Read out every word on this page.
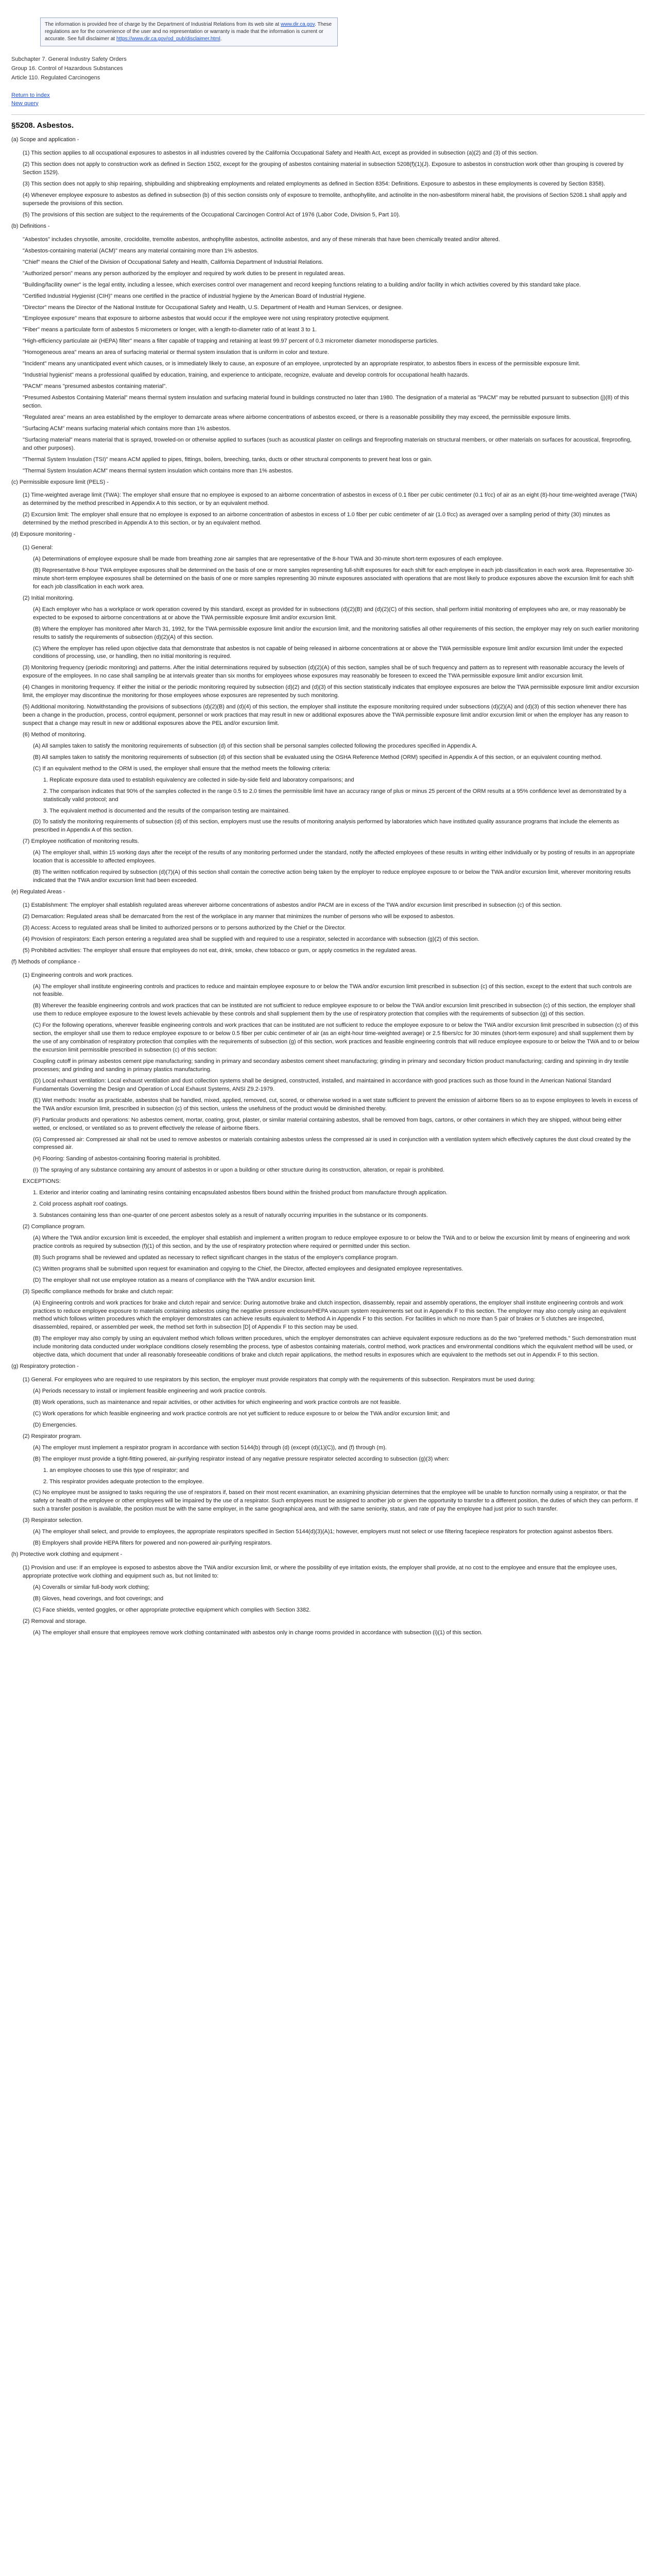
The information is provided free of charge by the Department of Industrial Relations from its web site at www.dir.ca.gov. These regulations are for the convenience of the user and no representation or warranty is made that the information is current or accurate. See full disclaimer at https://www.dir.ca.gov/od_pub/disclaimer.html.
Subchapter 7. General Industry Safety Orders
Group 16. Control of Hazardous Substances
Article 110. Regulated Carcinogens
Return to index
New query
§5208. Asbestos.
(a) Scope and application -
(1) This section applies to all occupational exposures to asbestos in all industries covered by the California Occupational Safety and Health Act, except as provided in subsection (a)(2) and (3) of this section.
(2) This section does not apply to construction work as defined in Section 1502, except for the grouping of asbestos containing material in subsection 5208(f)(1)(J). Exposure to asbestos in construction work other than grouping is covered by Section 1529).
(3) This section does not apply to ship repairing, shipbuilding and shipbreaking employments and related employments as defined in Section 8354: Definitions. Exposure to asbestos in these employments is covered by Section 8358).
(4) Whenever employee exposure to asbestos as defined in subsection (b) of this section consists only of exposure to tremolite, anthophyllite, and actinolite in the non-asbestiform mineral habit, the provisions of Section 5208.1 shall apply and supersede the provisions of this section.
(5) The provisions of this section are subject to the requirements of the Occupational Carcinogen Control Act of 1976 (Labor Code, Division 5, Part 10).
(b) Definitions -
"Asbestos" includes chrysotile, amosite, crocidolite, tremolite asbestos, anthophyllite asbestos, actinolite asbestos, and any of these minerals that have been chemically treated and/or altered.
"Asbestos-containing material (ACM)" means any material containing more than 1% asbestos.
"Chief" means the Chief of the Division of Occupational Safety and Health, California Department of Industrial Relations.
"Authorized person" means any person authorized by the employer and required by work duties to be present in regulated areas.
"Building/facility owner" is the legal entity, including a lessee, which exercises control over management and record keeping functions relating to a building and/or facility in which activities covered by this standard take place.
"Certified Industrial Hygienist (CIH)" means one certified in the practice of industrial hygiene by the American Board of Industrial Hygiene.
"Director" means the Director of the National Institute for Occupational Safety and Health, U.S. Department of Health and Human Services, or designee.
"Employee exposure" means that exposure to airborne asbestos that would occur if the employee were not using respiratory protective equipment.
"Fiber" means a particulate form of asbestos 5 micrometers or longer, with a length-to-diameter ratio of at least 3 to 1.
"High-efficiency particulate air (HEPA) filter" means a filter capable of trapping and retaining at least 99.97 percent of 0.3 micrometer diameter monodisperse particles.
"Homogeneous area" means an area of surfacing material or thermal system insulation that is uniform in color and texture.
"Incident" means any unanticipated event which causes, or is immediately likely to cause, an exposure of an employee, unprotected by an appropriate respirator, to asbestos fibers in excess of the permissible exposure limit.
"Industrial hygienist" means a professional qualified by education, training, and experience to anticipate, recognize, evaluate and develop controls for occupational health hazards.
"PACM" means "presumed asbestos containing material".
"Presumed Asbestos Containing Material" means thermal system insulation and surfacing material found in buildings constructed no later than 1980. The designation of a material as "PACM" may be rebutted pursuant to subsection (j)(8) of this section.
"Regulated area" means an area established by the employer to demarcate areas where airborne concentrations of asbestos exceed, or there is a reasonable possibility they may exceed, the permissible exposure limits.
"Surfacing ACM" means surfacing material which contains more than 1% asbestos.
"Surfacing material" means material that is sprayed, troweled-on or otherwise applied to surfaces (such as acoustical plaster on ceilings and fireproofing materials on structural members, or other materials on surfaces for acoustical, fireproofing, and other purposes).
"Thermal System Insulation (TSI)" means ACM applied to pipes, fittings, boilers, breeching, tanks, ducts or other structural components to prevent heat loss or gain.
"Thermal System Insulation ACM" means thermal system insulation which contains more than 1% asbestos.
(c) Permissible exposure limit (PELS) -
(1) Time-weighted average limit (TWA): The employer shall ensure that no employee is exposed to an airborne concentration of asbestos in excess of 0.1 fiber per cubic centimeter (0.1 f/cc) of air as an eight (8)-hour time-weighted average (TWA) as determined by the method prescribed in Appendix A to this section, or by an equivalent method.
(2) Excursion limit: The employer shall ensure that no employee is exposed to an airborne concentration of asbestos in excess of 1.0 fiber per cubic centimeter of air (1.0 f/cc) as averaged over a sampling period of thirty (30) minutes as determined by the method prescribed in Appendix A to this section, or by an equivalent method.
(d) Exposure monitoring -
(1) General:
(A) Determinations of employee exposure shall be made from breathing zone air samples that are representative of the 8-hour TWA and 30-minute short-term exposures of each employee.
(B) Representative 8-hour TWA employee exposures shall be determined on the basis of one or more samples representing full-shift exposures for each shift for each employee in each job classification in each work area. Representative 30-minute short-term employee exposures shall be determined on the basis of one or more samples representing 30 minute exposures associated with operations that are most likely to produce exposures above the excursion limit for each shift for each job classification in each work area.
(2) Initial monitoring.
(A) Each employer who has a workplace or work operation covered by this standard, except as provided for in subsections (d)(2)(B) and (d)(2)(C) of this section, shall perform initial monitoring of employees who are, or may reasonably be expected to be exposed to airborne concentrations at or above the TWA permissible exposure limit and/or excursion limit.
(B) Where the employer has monitored after March 31, 1992, for the TWA permissible exposure limit and/or the excursion limit, and the monitoring satisfies all other requirements of this section, the employer may rely on such earlier monitoring results to satisfy the requirements of subsection (d)(2)(A) of this section.
(C) Where the employer has relied upon objective data that demonstrate that asbestos is not capable of being released in airborne concentrations at or above the TWA permissible exposure limit and/or excursion limit under the expected conditions of processing, use, or handling, then no initial monitoring is required.
(3) Monitoring frequency (periodic monitoring) and patterns. After the initial determinations required by subsection (d)(2)(A) of this section, samples shall be of such frequency and pattern as to represent with reasonable accuracy the levels of exposure of the employees. In no case shall sampling be at intervals greater than six months for employees whose exposures may reasonably be foreseen to exceed the TWA permissible exposure limit and/or excursion limit.
(4) Changes in monitoring frequency. If either the initial or the periodic monitoring required by subsection (d)(2) and (d)(3) of this section statistically indicates that employee exposures are below the TWA permissible exposure limit and/or excursion limit, the employer may discontinue the monitoring for those employees whose exposures are represented by such monitoring.
(5) Additional monitoring. Notwithstanding the provisions of subsections (d)(2)(B) and (d)(4) of this section, the employer shall institute the exposure monitoring required under subsections (d)(2)(A) and (d)(3) of this section whenever there has been a change in the production, process, control equipment, personnel or work practices that may result in new or additional exposures above the TWA permissible exposure limit and/or excursion limit or when the employer has any reason to suspect that a change may result in new or additional exposures above the PEL and/or excursion limit.
(6) Method of monitoring.
(A) All samples taken to satisfy the monitoring requirements of subsection (d) of this section shall be personal samples collected following the procedures specified in Appendix A.
(B) All samples taken to satisfy the monitoring requirements of subsection (d) of this section shall be evaluated using the OSHA Reference Method (ORM) specified in Appendix A of this section, or an equivalent counting method.
(C) If an equivalent method to the ORM is used, the employer shall ensure that the method meets the following criteria:
1. Replicate exposure data used to establish equivalency are collected in side-by-side field and laboratory comparisons; and
2. The comparison indicates that 90% of the samples collected in the range 0.5 to 2.0 times the permissible limit have an accuracy range of plus or minus 25 percent of the ORM results at a 95% confidence level as demonstrated by a statistically valid protocol; and
3. The equivalent method is documented and the results of the comparison testing are maintained.
(D) To satisfy the monitoring requirements of subsection (d) of this section, employers must use the results of monitoring analysis performed by laboratories which have instituted quality assurance programs that include the elements as prescribed in Appendix A of this section.
(7) Employee notification of monitoring results.
(A) The employer shall, within 15 working days after the receipt of the results of any monitoring performed under the standard, notify the affected employees of these results in writing either individually or by posting of results in an appropriate location that is accessible to affected employees.
(B) The written notification required by subsection (d)(7)(A) of this section shall contain the corrective action being taken by the employer to reduce employee exposure to or below the TWA and/or excursion limit, wherever monitoring results indicated that the TWA and/or excursion limit had been exceeded.
(e) Regulated Areas -
(1) Establishment: The employer shall establish regulated areas wherever airborne concentrations of asbestos and/or PACM are in excess of the TWA and/or excursion limit prescribed in subsection (c) of this section.
(2) Demarcation: Regulated areas shall be demarcated from the rest of the workplace in any manner that minimizes the number of persons who will be exposed to asbestos.
(3) Access: Access to regulated areas shall be limited to authorized persons or to persons authorized by the Chief or the Director.
(4) Provision of respirators: Each person entering a regulated area shall be supplied with and required to use a respirator, selected in accordance with subsection (g)(2) of this section.
(5) Prohibited activities: The employer shall ensure that employees do not eat, drink, smoke, chew tobacco or gum, or apply cosmetics in the regulated areas.
(f) Methods of compliance -
(1) Engineering controls and work practices.
(A) The employer shall institute engineering controls and practices to reduce and maintain employee exposure to or below the TWA and/or excursion limit prescribed in subsection (c) of this section, except to the extent that such controls are not feasible.
(B) Wherever the feasible engineering controls and work practices that can be instituted are not sufficient to reduce employee exposure to or below the TWA and/or excursion limit prescribed in subsection (c) of this section, the employer shall use them to reduce employee exposure to the lowest levels achievable by these controls and shall supplement them by the use of respiratory protection that complies with the requirements of subsection (g) of this section.
(C) For the following operations, wherever feasible engineering controls and work practices that can be instituted are not sufficient to reduce the employee exposure to or below the TWA and/or excursion limit prescribed in subsection (c) of this section, the employer shall use them to reduce employee exposure to or below 0.5 fiber per cubic centimeter of air (as an eight-hour time-weighted average) or 2.5 fibers/cc for 30 minutes (short-term exposure) and shall supplement them by the use of any combination of respiratory protection that complies with the requirements of subsection (g) of this section, work practices and feasible engineering controls that will reduce employee exposure to or below the TWA and to or below the excursion limit permissible prescribed in subsection (c) of this section:
Coupling cutoff in primary asbestos cement pipe manufacturing; sanding in primary and secondary asbestos cement sheet manufacturing; grinding in primary and secondary friction product manufacturing; carding and spinning in dry textile processes; and grinding and sanding in primary plastics manufacturing.
(D) Local exhaust ventilation: Local exhaust ventilation and dust collection systems shall be designed, constructed, installed, and maintained in accordance with good practices such as those found in the American National Standard Fundamentals Governing the Design and Operation of Local Exhaust Systems, ANSI Z9.2-1979.
(E) Wet methods: Insofar as practicable, asbestos shall be handled, mixed, applied, removed, cut, scored, or otherwise worked in a wet state sufficient to prevent the emission of airborne fibers so as to expose employees to levels in excess of the TWA and/or excursion limit, prescribed in subsection (c) of this section, unless the usefulness of the product would be diminished thereby.
(F) Particular products and operations: No asbestos cement, mortar, coating, grout, plaster, or similar material containing asbestos, shall be removed from bags, cartons, or other containers in which they are shipped, without being either wetted, or enclosed, or ventilated so as to prevent effectively the release of airborne fibers.
(G) Compressed air: Compressed air shall not be used to remove asbestos or materials containing asbestos unless the compressed air is used in conjunction with a ventilation system which effectively captures the dust cloud created by the compressed air.
(H) Flooring: Sanding of asbestos-containing flooring material is prohibited.
(I) The spraying of any substance containing any amount of asbestos in or upon a building or other structure during its construction, alteration, or repair is prohibited.
EXCEPTIONS:
1. Exterior and interior coating and laminating resins containing encapsulated asbestos fibers bound within the finished product from manufacture through application.
2. Cold process asphalt roof coatings.
3. Substances containing less than one-quarter of one percent asbestos solely as a result of naturally occurring impurities in the substance or its components.
(2) Compliance program.
(A) Where the TWA and/or excursion limit is exceeded, the employer shall establish and implement a written program to reduce employee exposure to or below the TWA and to or below the excursion limit by means of engineering and work practice controls as required by subsection (f)(1) of this section, and by the use of respiratory protection where required or permitted under this section.
(B) Such programs shall be reviewed and updated as necessary to reflect significant changes in the status of the employer's compliance program.
(C) Written programs shall be submitted upon request for examination and copying to the Chief, the Director, affected employees and designated employee representatives.
(D) The employer shall not use employee rotation as a means of compliance with the TWA and/or excursion limit.
(3) Specific compliance methods for brake and clutch repair:
(A) Engineering controls and work practices for brake and clutch repair and service: During automotive brake and clutch inspection, disassembly, repair and assembly operations, the employer shall institute engineering controls and work practices to reduce employee exposure to materials containing asbestos using the negative pressure enclosure/HEPA vacuum system requirements set out in Appendix F to this section. The employer may also comply using an equivalent method which follows written procedures which the employer demonstrates can achieve results equivalent to Method A in Appendix F to this section. For facilities in which no more than 5 pair of brakes or 5 clutches are inspected, disassembled, repaired, or assembled per week, the method set forth in subsection [D] of Appendix F to this section may be used.
(B) The employer may also comply by using an equivalent method which follows written procedures, which the employer demonstrates can achieve equivalent exposure reductions as do the two "preferred methods." Such demonstration must include monitoring data conducted under workplace conditions closely resembling the process, type of asbestos containing materials, control method, work practices and environmental conditions which the equivalent method will be used, or objective data, which document that under all reasonably foreseeable conditions of brake and clutch repair applications, the method results in exposures which are equivalent to the methods set out in Appendix F to this section.
(g) Respiratory protection -
(1) General. For employees who are required to use respirators by this section, the employer must provide respirators that comply with the requirements of this subsection. Respirators must be used during:
(A) Periods necessary to install or implement feasible engineering and work practice controls.
(B) Work operations, such as maintenance and repair activities, or other activities for which engineering and work practice controls are not feasible.
(C) Work operations for which feasible engineering and work practice controls are not yet sufficient to reduce exposure to or below the TWA and/or excursion limit; and
(D) Emergencies.
(2) Respirator program.
(A) The employer must implement a respirator program in accordance with section 5144(b) through (d) (except (d)(1)(C)), and (f) through (m).
(B) The employer must provide a tight-fitting powered, air-purifying respirator instead of any negative pressure respirator selected according to subsection (g)(3) when:
1. an employee chooses to use this type of respirator; and
2. This respirator provides adequate protection to the employee.
(C) No employee must be assigned to tasks requiring the use of respirators if, based on their most recent examination, an examining physician determines that the employee will be unable to function normally using a respirator, or that the safety or health of the employee or other employees will be impaired by the use of a respirator. Such employees must be assigned to another job or given the opportunity to transfer to a different position, the duties of which they can perform. If such a transfer position is available, the position must be with the same employer, in the same geographical area, and with the same seniority, status, and rate of pay the employee had just prior to such transfer.
(3) Respirator selection.
(A) The employer shall select, and provide to employees, the appropriate respirators specified in Section 5144(d)(3)(A)1; however, employers must not select or use filtering facepiece respirators for protection against asbestos fibers.
(B) Employers shall provide HEPA filters for powered and non-powered air-purifying respirators.
(h) Protective work clothing and equipment -
(1) Provision and use: If an employee is exposed to asbestos above the TWA and/or excursion limit, or where the possibility of eye irritation exists, the employer shall provide, at no cost to the employee and ensure that the employee uses, appropriate protective work clothing and equipment such as, but not limited to:
(A) Coveralls or similar full-body work clothing;
(B) Gloves, head coverings, and foot coverings; and
(C) Face shields, vented goggles, or other appropriate protective equipment which complies with Section 3382.
(2) Removal and storage.
(A) The employer shall ensure that employees remove work clothing contaminated with asbestos only in change rooms provided in accordance with subsection (i)(1) of this section.
